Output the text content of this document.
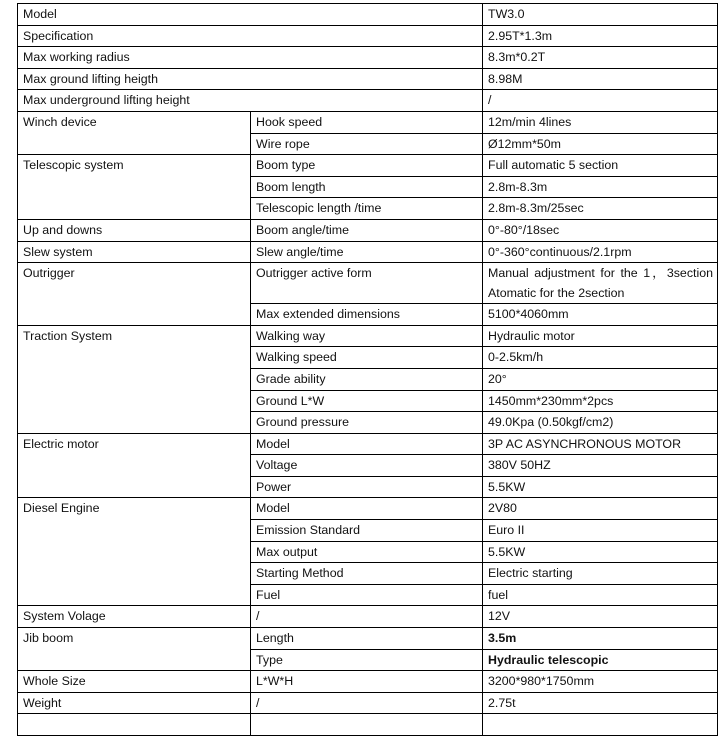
Model		TW3.0
Specification		2.95T*1.3m
Max working radius		8.3m*0.2T
Max ground lifting heigth		8.98M
Max underground lifting height		/
Winch device	Hook speed	12m/min 4lines
	Wire rope	Ø12mm*50m
Telescopic system	Boom type	Full automatic 5 section
	Boom length	2.8m-8.3m
	Telescopic length /time	2.8m-8.3m/25sec
Up and downs	Boom angle/time	0°-80°/18sec
Slew system	Slew angle/time	0°-360°continuous/2.1rpm
Outrigger	Outrigger active form	Manual adjustment for the 1，3section Atomatic for the 2section
	Max extended dimensions	5100*4060mm
Traction System	Walking way	Hydraulic motor
	Walking speed	0-2.5km/h
	Grade ability	20°
	Ground L*W	1450mm*230mm*2pcs
	Ground pressure	49.0Kpa (0.50kgf/cm2)
Electric motor	Model	3P AC ASYNCHRONOUS MOTOR
	Voltage	380V 50HZ
	Power	5.5KW
Diesel Engine	Model	2V80
	Emission Standard	Euro II
	Max output	5.5KW
	Starting Method	Electric starting
	Fuel	fuel
System Volage	/	12V
Jib boom	Length	3.5m
	Type	Hydraulic telescopic
Whole Size	L*W*H	3200*980*1750mm
Weight	/	2.75t
